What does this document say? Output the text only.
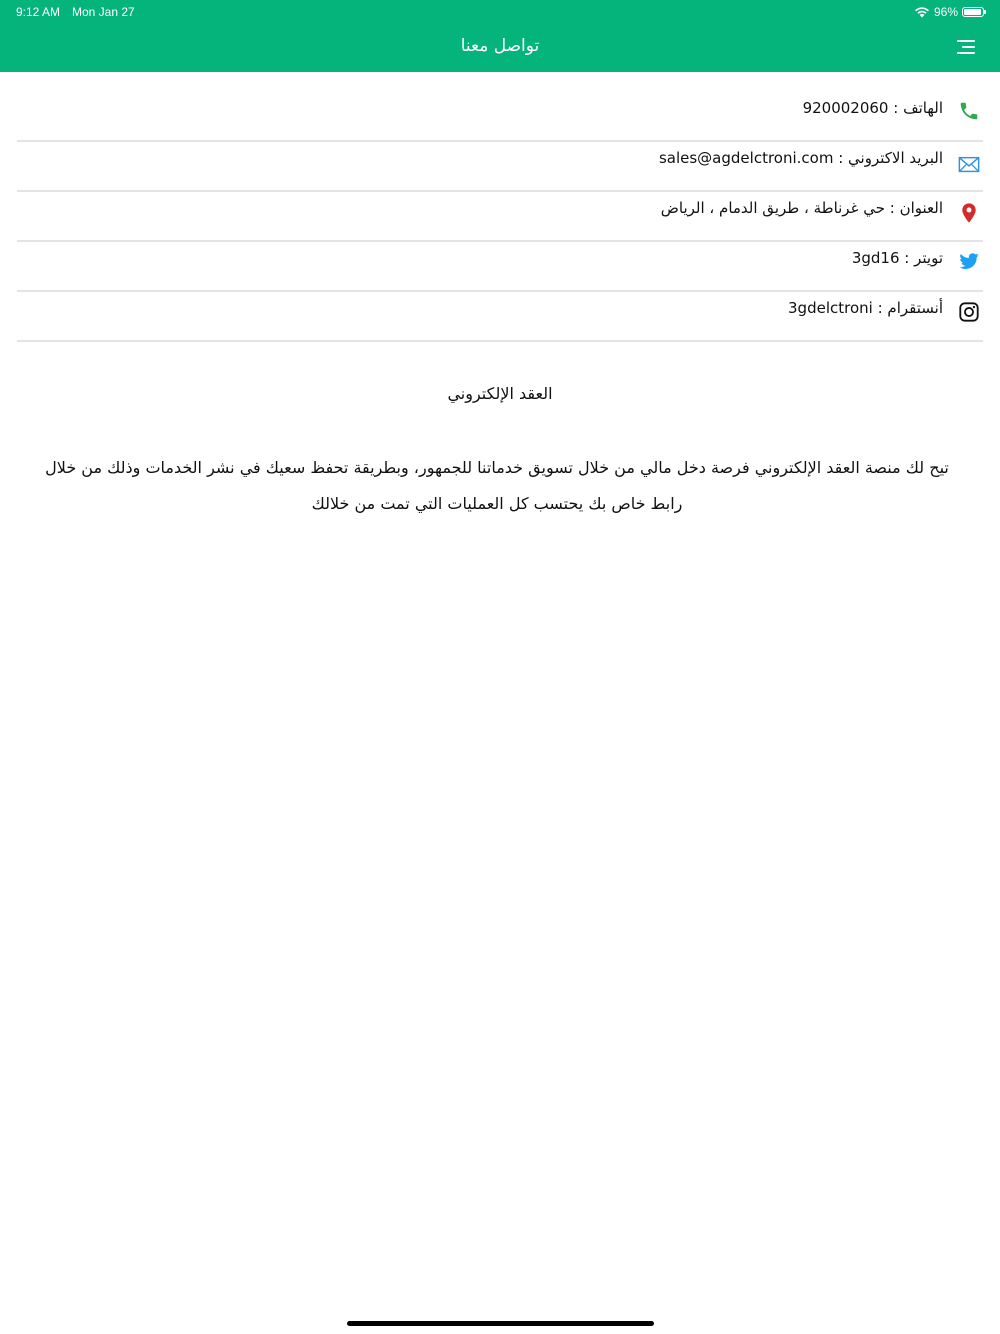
9:12 AM Mon Jan 27	96%
تواصل معنا
الهاتف : 920002060
البريد الاكتروني : sales@agdelctroni.com
العنوان : حي غرناطة ، طريق الدمام ، الرياض
تويتر : 3gd16
أنستقرام : 3gdelctroni
العقد الإلكتروني
تيح لك منصة العقد الإلكتروني فرصة دخل مالي من خلال تسويق خدماتنا للجمهور، وبطريقة تحفظ سعيك في نشر الخدمات وذلك من خلال رابط خاص بك يحتسب كل العمليات التي تمت من خلالك
